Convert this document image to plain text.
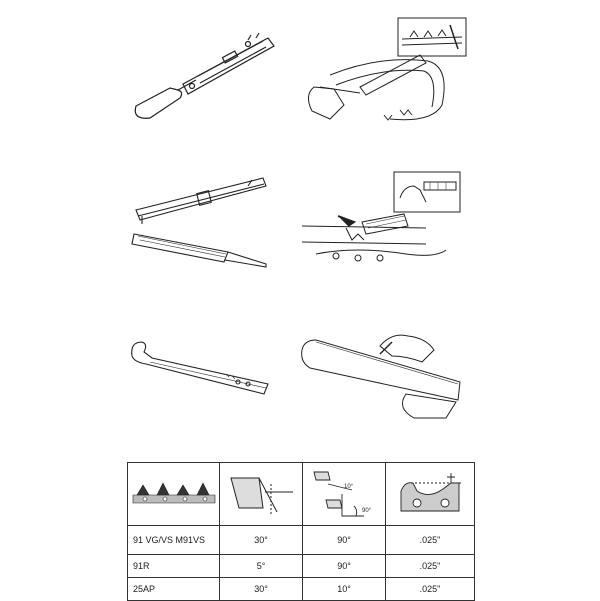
10°
90°

91 VG/VS M91VS	30°	90°	.025"
91R	5°	90°	.025"
25AP	30°	10°	.025"
